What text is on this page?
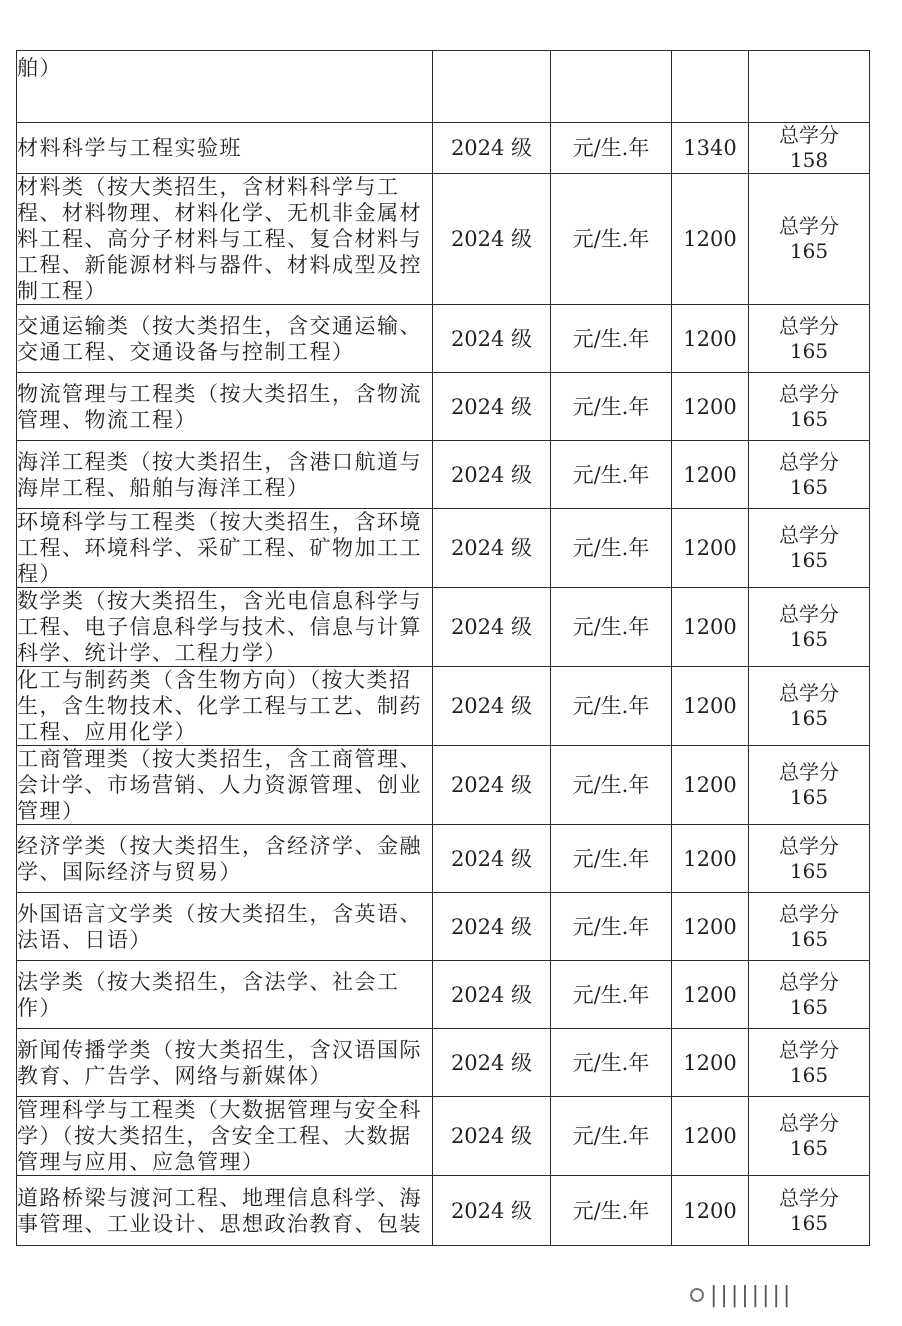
舶）				

材料科学与工程实验班	2024 级	元/生.年	1340	总学分
158

材料类（按大类招生，含材料科学与工程、材料物理、材料化学、无机非金属材料工程、高分子材料与工程、复合材料与工程、新能源材料与器件、材料成型及控制工程）	2024 级	元/生.年	1200	总学分
165

交通运输类（按大类招生，含交通运输、交通工程、交通设备与控制工程）	2024 级	元/生.年	1200	总学分
165

物流管理与工程类（按大类招生，含物流管理、物流工程）	2024 级	元/生.年	1200	总学分
165

海洋工程类（按大类招生，含港口航道与海岸工程、船舶与海洋工程）	2024 级	元/生.年	1200	总学分
165

环境科学与工程类（按大类招生，含环境工程、环境科学、采矿工程、矿物加工工程）	2024 级	元/生.年	1200	总学分
165

数学类（按大类招生，含光电信息科学与工程、电子信息科学与技术、信息与计算科学、统计学、工程力学）	2024 级	元/生.年	1200	总学分
165

化工与制药类（含生物方向）（按大类招生，含生物技术、化学工程与工艺、制药工程、应用化学）	2024 级	元/生.年	1200	总学分
165

工商管理类（按大类招生，含工商管理、会计学、市场营销、人力资源管理、创业管理）	2024 级	元/生.年	1200	总学分
165

经济学类（按大类招生，含经济学、金融学、国际经济与贸易）	2024 级	元/生.年	1200	总学分
165

外国语言文学类（按大类招生，含英语、法语、日语）	2024 级	元/生.年	1200	总学分
165

法学类（按大类招生，含法学、社会工作）	2024 级	元/生.年	1200	总学分
165

新闻传播学类（按大类招生，含汉语国际教育、广告学、网络与新媒体）	2024 级	元/生.年	1200	总学分
165

管理科学与工程类（大数据管理与安全科学）（按大类招生，含安全工程、大数据管理与应用、应急管理）	2024 级	元/生.年	1200	总学分
165

道路桥梁与渡河工程、地理信息科学、海事管理、工业设计、思想政治教育、包装	2024 级	元/生.年	1200	总学分
165
||||||||
